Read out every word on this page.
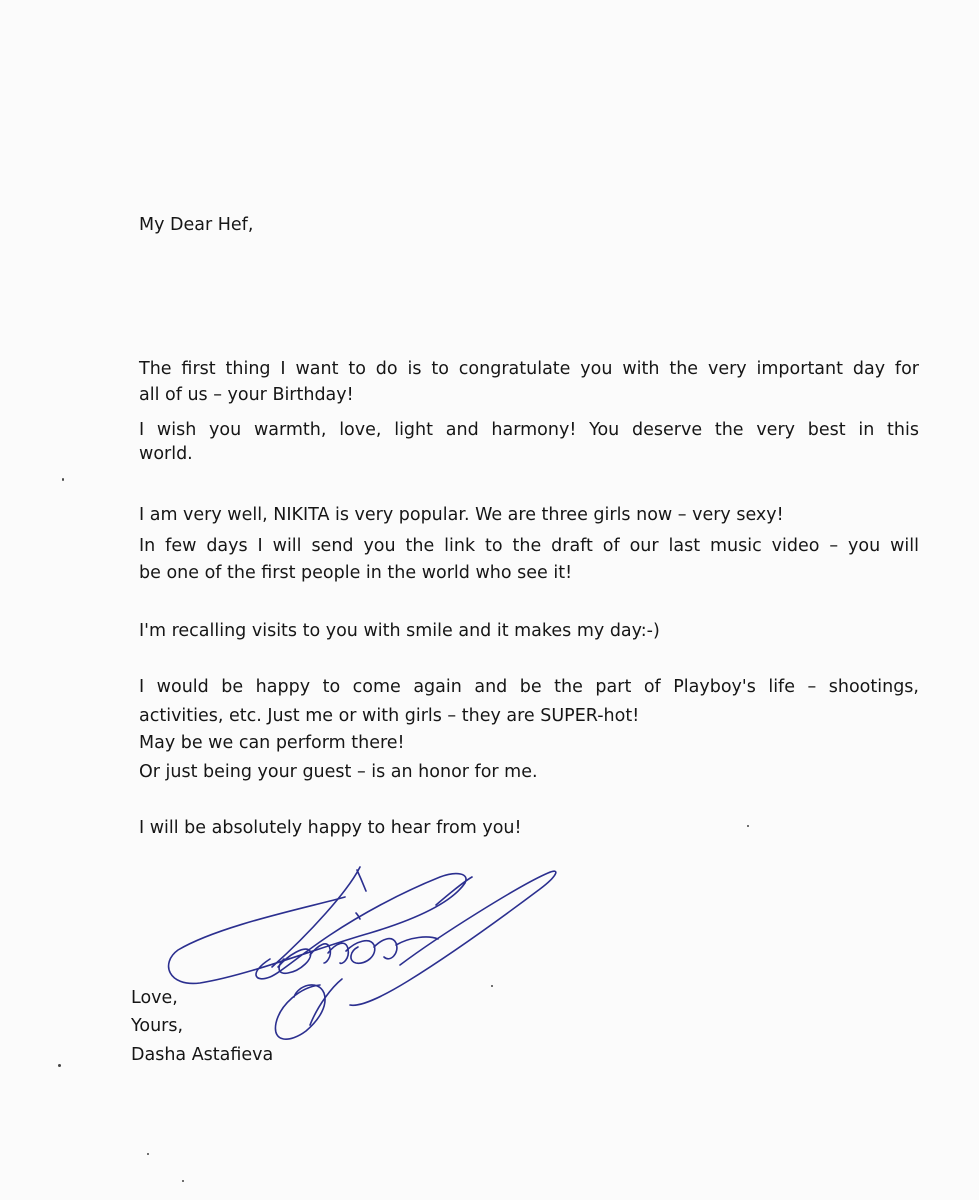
My Dear Hef,
The first thing I want to do is to congratulate you with the very important day for
all of us – your Birthday!
I wish you warmth, love, light and harmony! You deserve the very best in this
world.
I am very well, NIKITA is very popular. We are three girls now – very sexy!
In few days I will send you the link to the draft of our last music video – you will
be one of the first people in the world who see it!
I'm recalling visits to you with smile and it makes my day:-)
I would be happy to come again and be the part of Playboy's life – shootings,
activities, etc. Just me or with girls – they are SUPER-hot!
May be we can perform there!
Or just being your guest – is an honor for me.
I will be absolutely happy to hear from you!
Love,
Yours,
Dasha Astafieva
